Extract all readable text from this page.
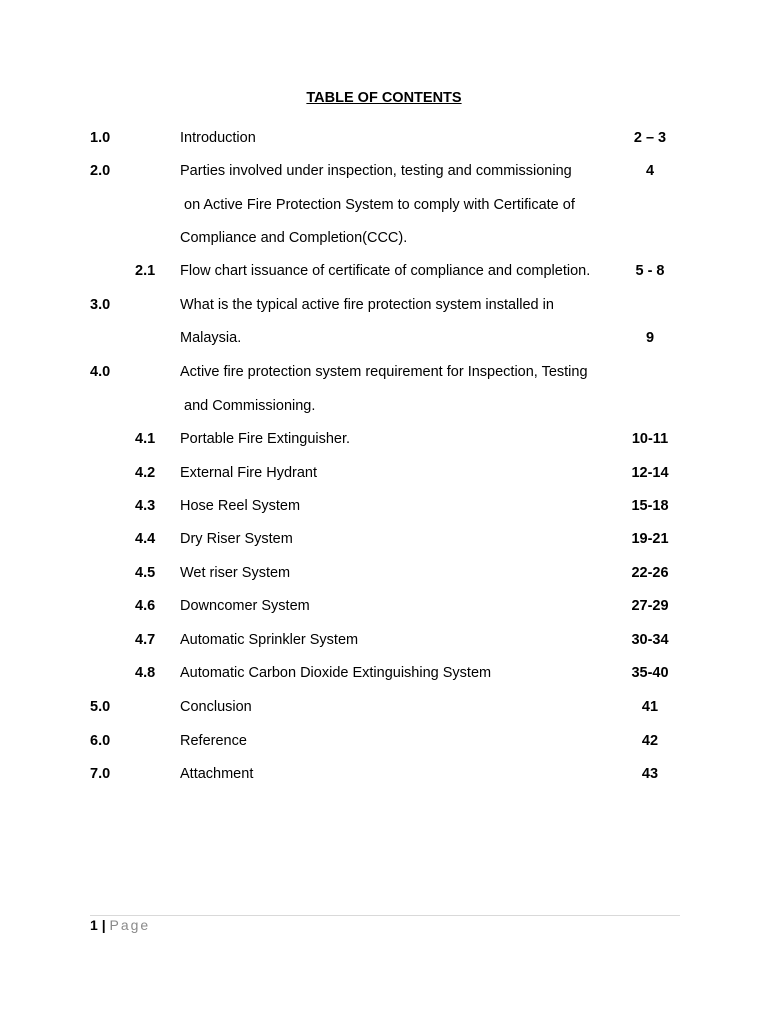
TABLE OF CONTENTS
1.0	Introduction	2 – 3
2.0	Parties involved under inspection, testing and commissioning	4
on Active Fire Protection System to comply with Certificate of
Compliance and Completion(CCC).
2.1 Flow chart issuance of certificate of compliance and completion.	5 - 8
3.0	What is the typical active fire protection system installed in
Malaysia.	9
4.0	Active fire protection system requirement for Inspection, Testing
and Commissioning.
4.1 Portable Fire Extinguisher.	10-11
4.2 External Fire Hydrant	12-14
4.3 Hose Reel System	15-18
4.4 Dry Riser System	19-21
4.5 Wet riser System	22-26
4.6 Downcomer System	27-29
4.7 Automatic Sprinkler System	30-34
4.8 Automatic Carbon Dioxide Extinguishing System	35-40
5.0	Conclusion	41
6.0	Reference	42
7.0	Attachment	43
1 | Page
